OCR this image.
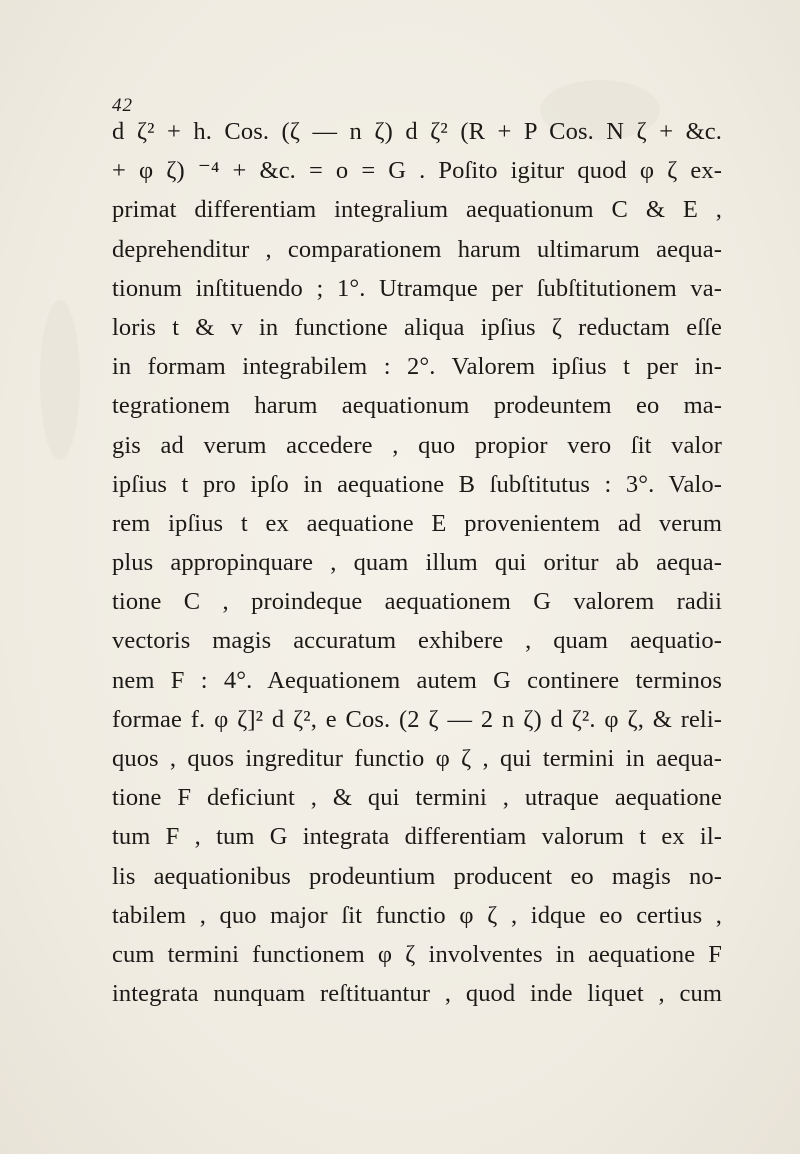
42
d ζ² + h. Cos. (ζ — n ζ) d ζ² (R + P Cos. N ζ + &c.
+ φ ζ) ⁻⁴ + &c. = o = G . Poſito igitur quod φ ζ ex-
primat differentiam integralium aequationum C & E ,
deprehenditur , comparationem harum ultimarum aequa-
tionum inſtituendo ; 1°. Utramque per ſubſtitutionem va-
loris t & v in functione aliqua ipſius ζ reductam eſſe
in formam integrabilem : 2°. Valorem ipſius t per in-
tegrationem harum aequationum prodeuntem eo ma-
gis ad verum accedere , quo propior vero ſit valor
ipſius t pro ipſo in aequatione B ſubſtitutus : 3°. Valo-
rem ipſius t ex aequatione E provenientem ad verum
plus appropinquare , quam illum qui oritur ab aequa-
tione C , proindeque aequationem G valorem radii
vectoris magis accuratum exhibere , quam aequatio-
nem F : 4°. Aequationem autem G continere terminos
formae f. φ ζ]² d ζ², e Cos. (2 ζ — 2 n ζ) d ζ². φ ζ, & reli-
quos , quos ingreditur functio φ ζ , qui termini in aequa-
tione F deficiunt , & qui termini , utraque aequatione
tum F , tum G integrata differentiam valorum t ex il-
lis aequationibus prodeuntium producent eo magis no-
tabilem , quo major ſit functio φ ζ , idque eo certius ,
cum termini functionem φ ζ involventes in aequatione F
integrata nunquam reſtituantur , quod inde liquet , cum
